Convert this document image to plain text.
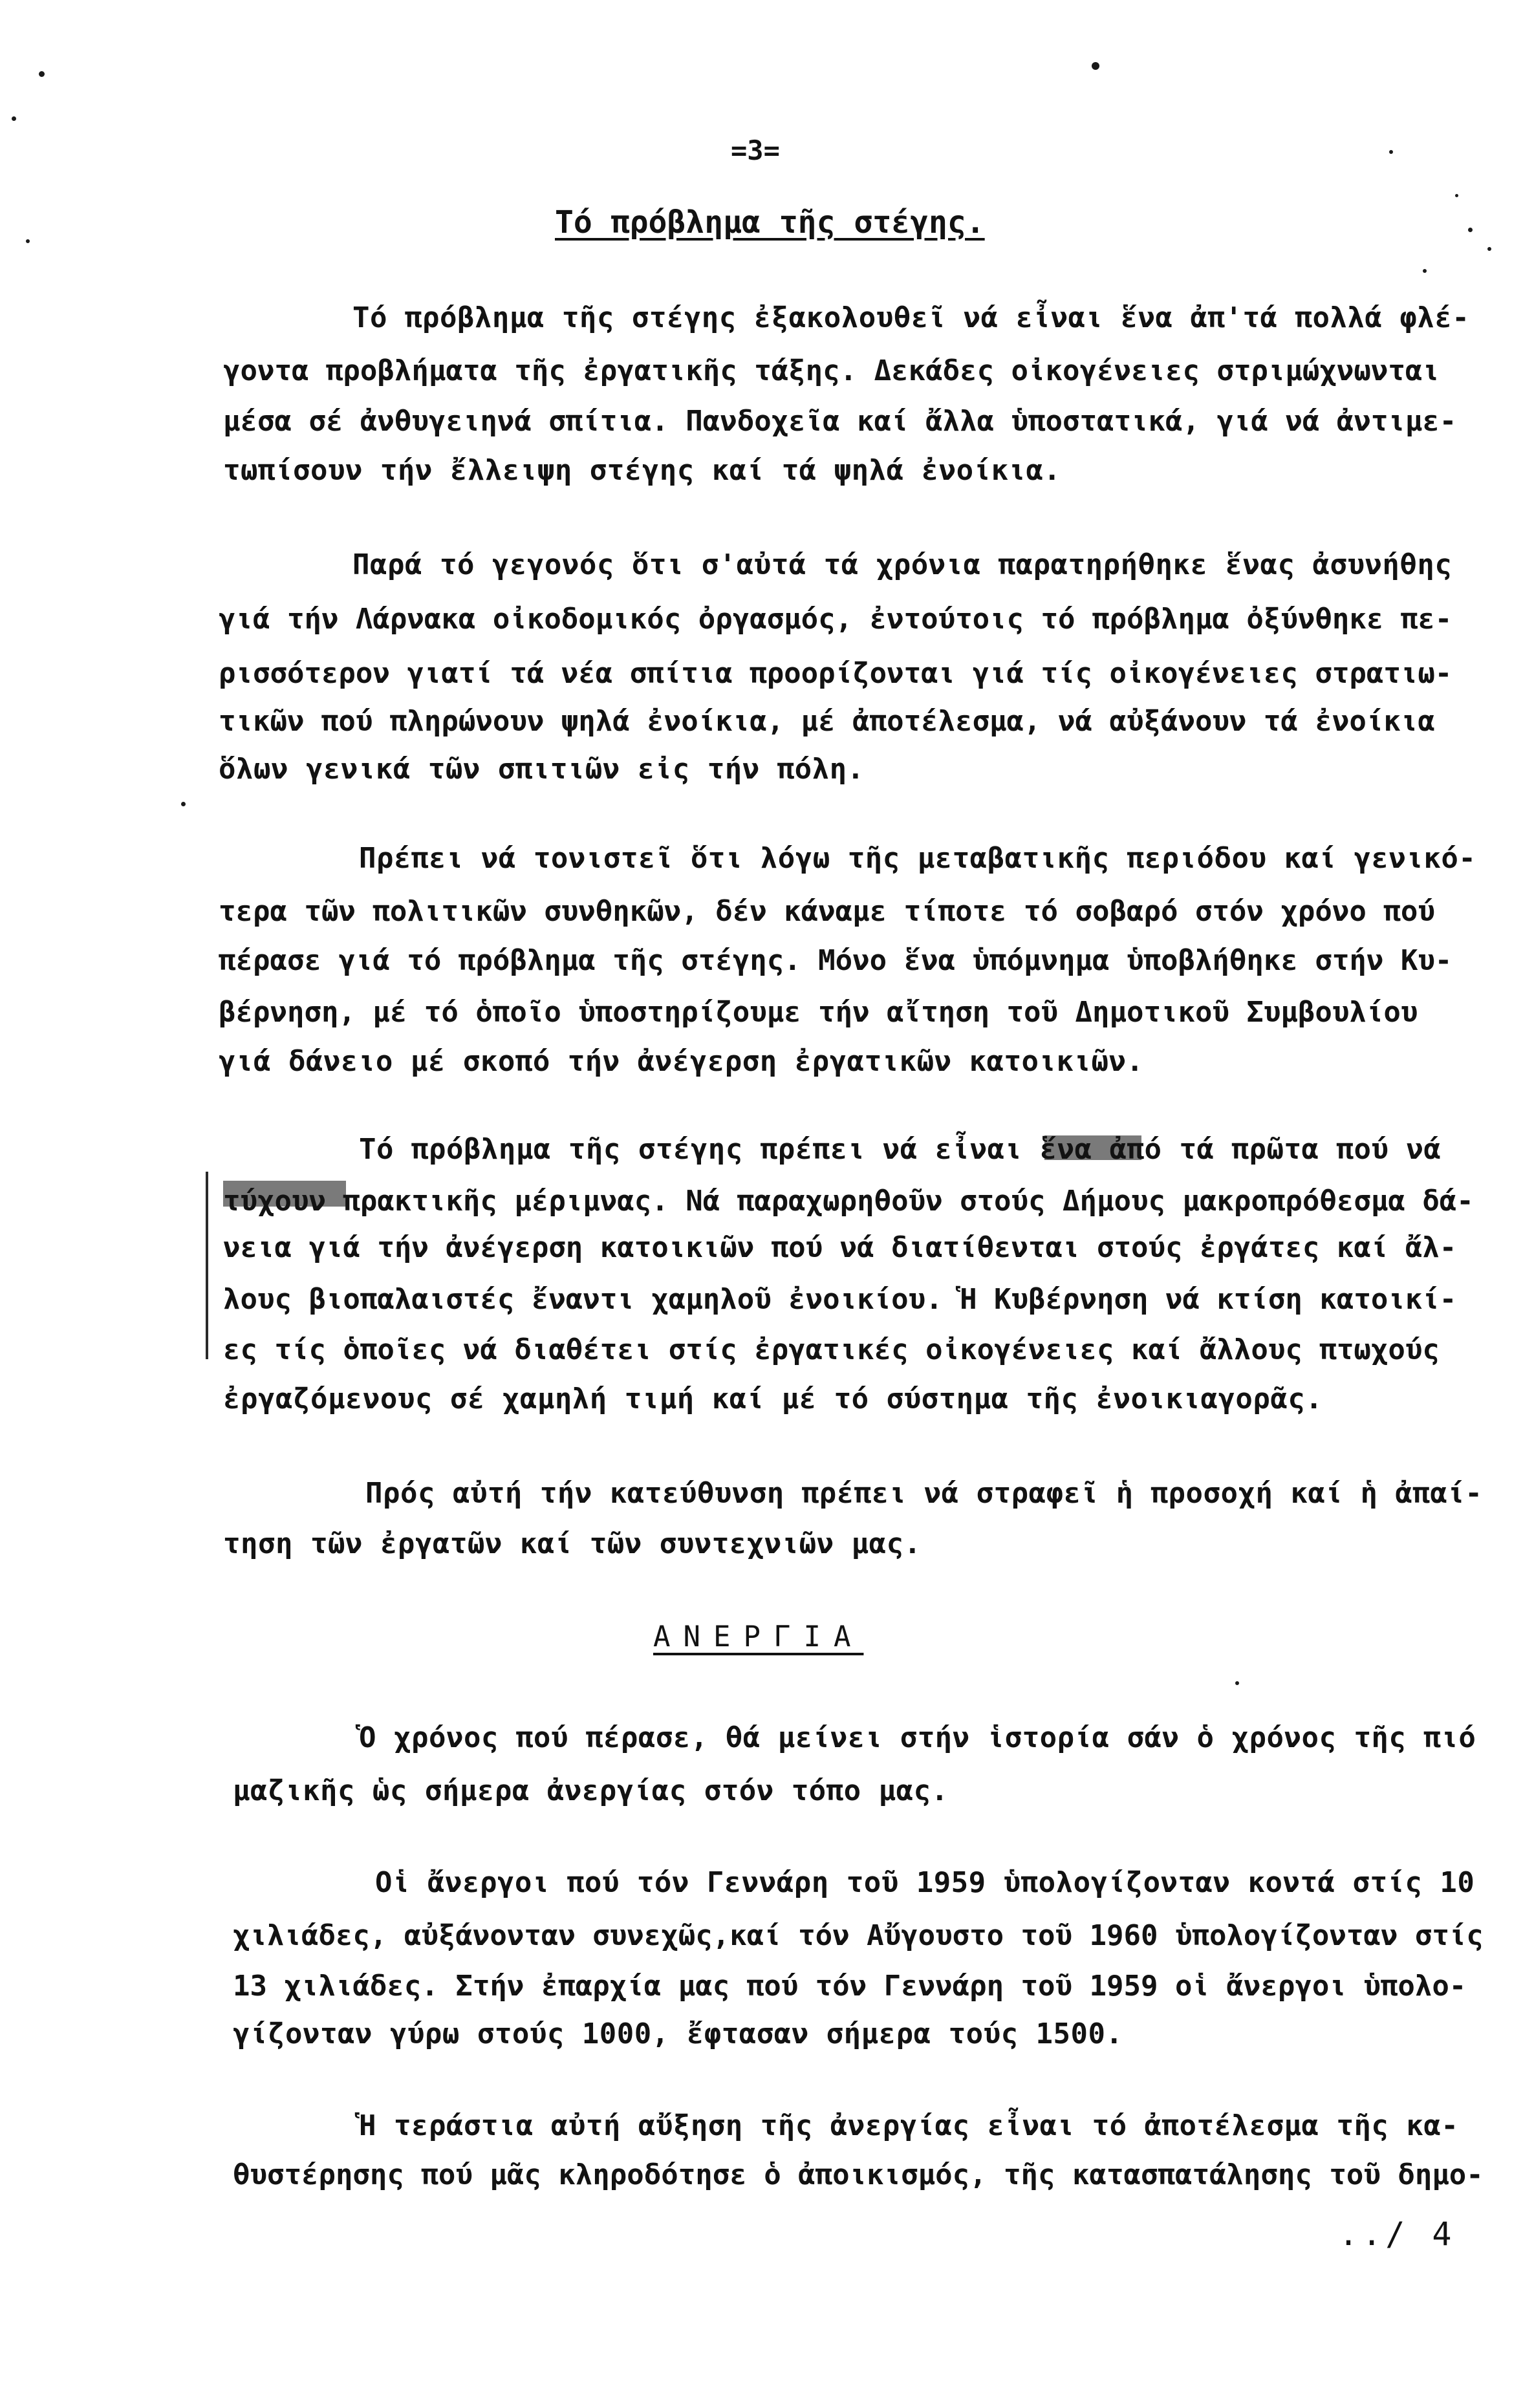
=3=
Τό πρόβλημα τῆς στέγης.
Τό πρόβλημα τῆς στέγης ἐξακολουθεῖ νά εἶναι ἕνα ἀπ'τά πολλά φλέ-
γοντα προβλήματα τῆς ἐργατικῆς τάξης. Δεκάδες οἰκογένειες στριμώχνωνται
μέσα σέ ἀνθυγειηνά σπίτια. Πανδοχεῖα καί ἄλλα ὑποστατικά, γιά νά ἀντιμε-
τωπίσουν τήν ἔλλειψη στέγης καί τά ψηλά ἐνοίκια.
Παρά τό γεγονός ὅτι σ'αὐτά τά χρόνια παρατηρήθηκε ἕνας ἀσυνήθης
γιά τήν Λάρνακα οἰκοδομικός ὀργασμός, ἐντούτοις τό πρόβλημα ὀξύνθηκε πε-
ρισσότερον γιατί τά νέα σπίτια προορίζονται γιά τίς οἰκογένειες στρατιω-
τικῶν πού πληρώνουν ψηλά ἐνοίκια, μέ ἀποτέλεσμα, νά αὐξάνουν τά ἐνοίκια
ὅλων γενικά τῶν σπιτιῶν εἰς τήν πόλη.
Πρέπει νά τονιστεῖ ὅτι λόγω τῆς μεταβατικῆς περιόδου καί γενικό-
τερα τῶν πολιτικῶν συνθηκῶν, δέν κάναμε τίποτε τό σοβαρό στόν χρόνο πού
πέρασε γιά τό πρόβλημα τῆς στέγης. Μόνο ἕνα ὑπόμνημα ὑποβλήθηκε στήν Κυ-
βέρνηση, μέ τό ὁποῖο ὑποστηρίζουμε τήν αἴτηση τοῦ Δημοτικοῦ Συμβουλίου
γιά δάνειο μέ σκοπό τήν ἀνέγερση ἐργατικῶν κατοικιῶν.
Τό πρόβλημα τῆς στέγης πρέπει νά εἶναι ἕνα ἀπό τά πρῶτα πού νά
τύχουν πρακτικῆς μέριμνας. Νά παραχωρηθοῦν στούς Δήμους μακροπρόθεσμα δά-
νεια γιά τήν ἀνέγερση κατοικιῶν πού νά διατίθενται στούς ἐργάτες καί ἄλ-
λους βιοπαλαιστές ἔναντι χαμηλοῦ ἐνοικίου. Ἡ Κυβέρνηση νά κτίση κατοικί-
ες τίς ὁποῖες νά διαθέτει στίς ἐργατικές οἰκογένειες καί ἄλλους πτωχούς
ἐργαζόμενους σέ χαμηλή τιμή καί μέ τό σύστημα τῆς ἐνοικιαγορᾶς.
Πρός αὐτή τήν κατεύθυνση πρέπει νά στραφεῖ ἡ προσοχή καί ἡ ἀπαί-
τηση τῶν ἐργατῶν καί τῶν συντεχνιῶν μας.
ΑΝΕΡΓΙΑ
Ὁ χρόνος πού πέρασε, θά μείνει στήν ἱστορία σάν ὁ χρόνος τῆς πιό
μαζικῆς ὡς σήμερα ἀνεργίας στόν τόπο μας.
Οἱ ἄνεργοι πού τόν Γεννάρη τοῦ 1959 ὑπολογίζονταν κοντά στίς 10
χιλιάδες, αὐξάνονταν συνεχῶς,καί τόν Αὔγουστο τοῦ 1960 ὑπολογίζονταν στίς
13 χιλιάδες. Στήν ἐπαρχία μας πού τόν Γεννάρη τοῦ 1959 οἱ ἄνεργοι ὑπολο-
γίζονταν γύρω στούς 1000, ἔφτασαν σήμερα τούς 1500.
Ἡ τεράστια αὐτή αὔξηση τῆς ἀνεργίας εἶναι τό ἀποτέλεσμα τῆς κα-
θυστέρησης πού μᾶς κληροδότησε ὁ ἀποικισμός, τῆς κατασπατάλησης τοῦ δημο-
../ 4
